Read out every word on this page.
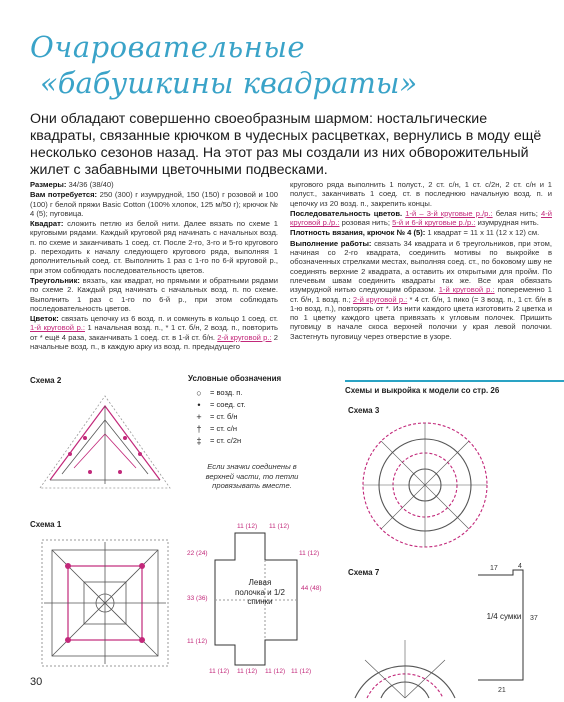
Очаровательные
«бабушкины квадраты»
Они обладают совершенно своеобразным шармом: ностальгические квадраты, связанные крючком в чудесных расцветках, вернулись в моду ещё несколько сезонов назад. На этот раз мы создали из них обворожительный жилет с забавными цветочными подвесками.

Размеры: 34/36 (38/40)

Вам потребуется: 250 (300) г изумрудной, 150 (150) г розовой и 100 (100) г белой пряжи Basic Cotton (100% хлопок, 125 м/50 г); крючок № 4 (5); пуговица.

Квадрат: сложить петлю из белой нити. Далее вязать по схеме 1 круговыми рядами. Каждый круговой ряд начинать с начальных возд. п. по схеме и заканчивать 1 соед. ст. После 2-го, 3-го и 5-го кругового р. переходить к началу следующего кругового ряда, выполняя 1 дополнительный соед. ст. Выполнить 1 раз с 1-го по 6-й круговой р., при этом соблюдать последовательность цветов.

Треугольник: вязать, как квадрат, но прямыми и обратными рядами по схеме 2. Каждый ряд начинать с начальных возд. п. по схеме. Выполнить 1 раз с 1-го по 6-й р., при этом соблюдать последовательность цветов.

Цветок: связать цепочку из 6 возд. п. и сомкнуть в кольцо 1 соед. ст. 1-й круговой р.: 1 начальная возд. п., * 1 ст. б/н, 2 возд. п., повторить от * ещё 4 раза, заканчивать 1 соед. ст. в 1-й ст. б/н. 2-й круговой р.: 2 начальные возд. п., в каждую арку из возд. п. предыдущего

кругового ряда выполнить 1 полуст., 2 ст. с/н, 1 ст. с/2н, 2 ст. с/н и 1 полуст., заканчивать 1 соед. ст. в последнюю начальную возд. п. и цепочку из 20 возд. п., закрепить концы.

Последовательность цветов. 1-й – 3-й круговые р./р.: белая нить; 4-й круговой р./р.: розовая нить; 5-й и 6-й круговые р./р.: изумрудная нить.

Плотность вязания, крючок № 4 (5): 1 квадрат = 11 х 11 (12 х 12) см.

Выполнение работы: связать 34 квадрата и 6 треугольников, при этом, начиная со 2-го квадрата, соединить мотивы по выкройке в обозначенных стрелками местах, выполняя соед. ст., по боковому шву не соединять верхние 2 квадрата, а оставить их открытыми для пройм. По плечевым швам соединить квадраты так же. Все края обвязать изумрудной нитью следующим образом. 1-й круговой р.: попеременно 1 ст. б/н, 1 возд. п.; 2-й круговой р.: * 4 ст. б/н, 1 пико (= 3 возд. п., 1 ст. б/н в 1-ю возд. п.), повторять от *. Из нити каждого цвета изготовить 2 цветка и по 1 цветку каждого цвета привязать к угловым полочек. Пришить пуговицу в начале скоса верхней полочки у края левой полочки. Застегнуть пуговицу через отверстие в узоре.

Схема 2	Условные обозначения
○	= возд. п.
•	= соед. ст.
+	= ст. б/н
†	= ст. с/н
‡	= ст. с/2н
Если значки соединены в верхней части, то петли провязывать вместе.
Схема 1	11 (12) 11 (12)
11 (12)
22 (24)
33 (36)
44 (48)
11 (12)
11 (12) 11 (12) 11 (12) 11 (12)
Левая полочка и 1/2 спинки
Схемы и выкройка к модели со стр. 26
Схема 3
Схема 7	17	4
37
21
1/4 сумки
30
